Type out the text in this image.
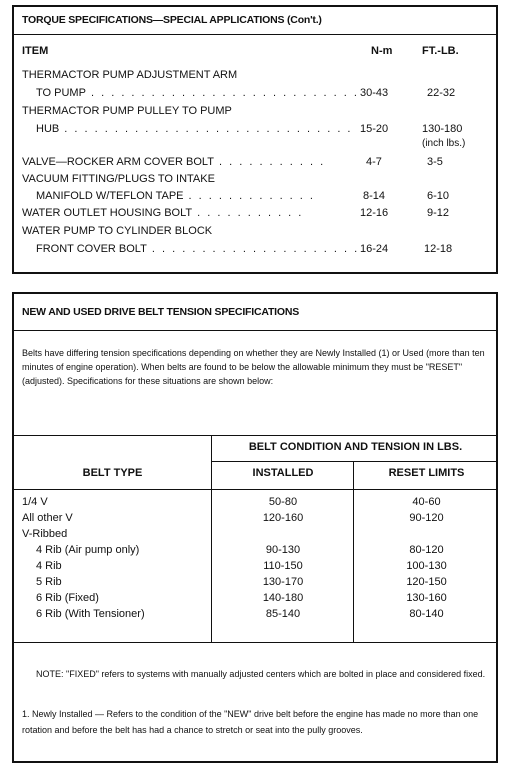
TORQUE SPECIFICATIONS—SPECIAL APPLICATIONS (Con't.)
ITEM	N-m	FT.-LB.
THERMACTOR PUMP ADJUSTMENT ARM
TO PUMP . . . . . . . . . . . . . . . . . . . . . . . . . . . 30-43	22-32
THERMACTOR PUMP PULLEY TO PUMP
HUB . . . . . . . . . . . . . . . . . . . . . . . . . . . . . 15-20	130-180
(inch lbs.)
VALVE—ROCKER ARM COVER BOLT . . . . . . . . . . .	4-7	3-5
VACUUM FITTING/PLUGS TO INTAKE
MANIFOLD W/TEFLON TAPE . . . . . . . . . . . . .	8-14	6-10
WATER OUTLET HOUSING BOLT . . . . . . . . . . .	12-16	9-12
WATER PUMP TO CYLINDER BLOCK
FRONT COVER BOLT . . . . . . . . . . . . . . . . . . . . . 16-24	12-18
NEW AND USED DRIVE BELT TENSION SPECIFICATIONS
Belts have differing tension specifications depending on whether they are Newly Installed (1) or Used (more than ten minutes of engine operation). When belts are found to be below the allowable minimum they must be "RESET" (adjusted). Specifications for these situations are shown below:
BELT CONDITION AND TENSION IN LBS.
BELT TYPE	INSTALLED	RESET LIMITS
1/4 V	50-80	40-60
All other V	120-160	90-120
V-Ribbed
4 Rib (Air pump only)	90-130	80-120
4 Rib	110-150	100-130
5 Rib	130-170	120-150
6 Rib (Fixed)	140-180	130-160
6 Rib (With Tensioner)	85-140	80-140
NOTE: "FIXED" refers to systems with manually adjusted centers which are bolted in place and considered fixed.
1. Newly Installed — Refers to the condition of the "NEW" drive belt before the engine has made no more than one rotation and before the belt has had a chance to stretch or seat into the pully grooves.
